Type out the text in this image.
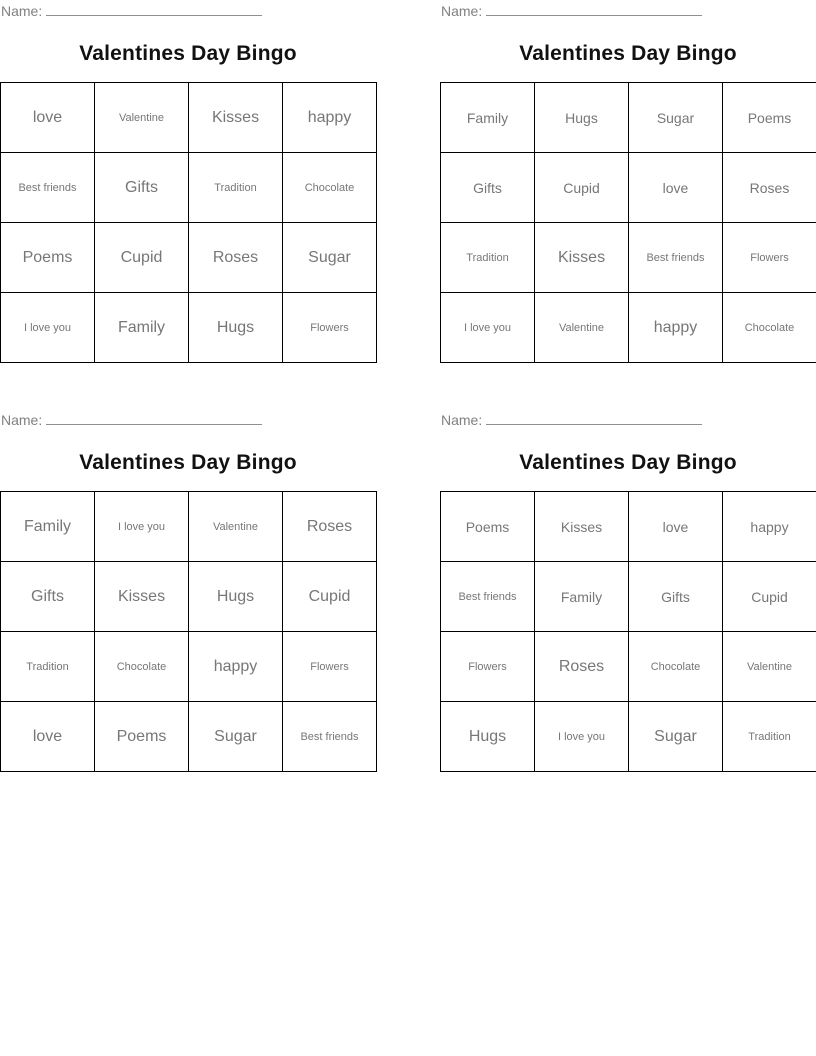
Name:
Valentines Day Bingo
love	Valentine	Kisses	happy
Best friends	Gifts	Tradition	Chocolate
Poems	Cupid	Roses	Sugar
I love you	Family	Hugs	Flowers
Name:
Valentines Day Bingo
Family	Hugs	Sugar	Poems
Gifts	Cupid	love	Roses
Tradition	Kisses	Best friends	Flowers
I love you	Valentine	happy	Chocolate
Name:
Valentines Day Bingo
Family	I love you	Valentine	Roses
Gifts	Kisses	Hugs	Cupid
Tradition	Chocolate	happy	Flowers
love	Poems	Sugar	Best friends
Name:
Valentines Day Bingo
Poems	Kisses	love	happy
Best friends	Family	Gifts	Cupid
Flowers	Roses	Chocolate	Valentine
Hugs	I love you	Sugar	Tradition
